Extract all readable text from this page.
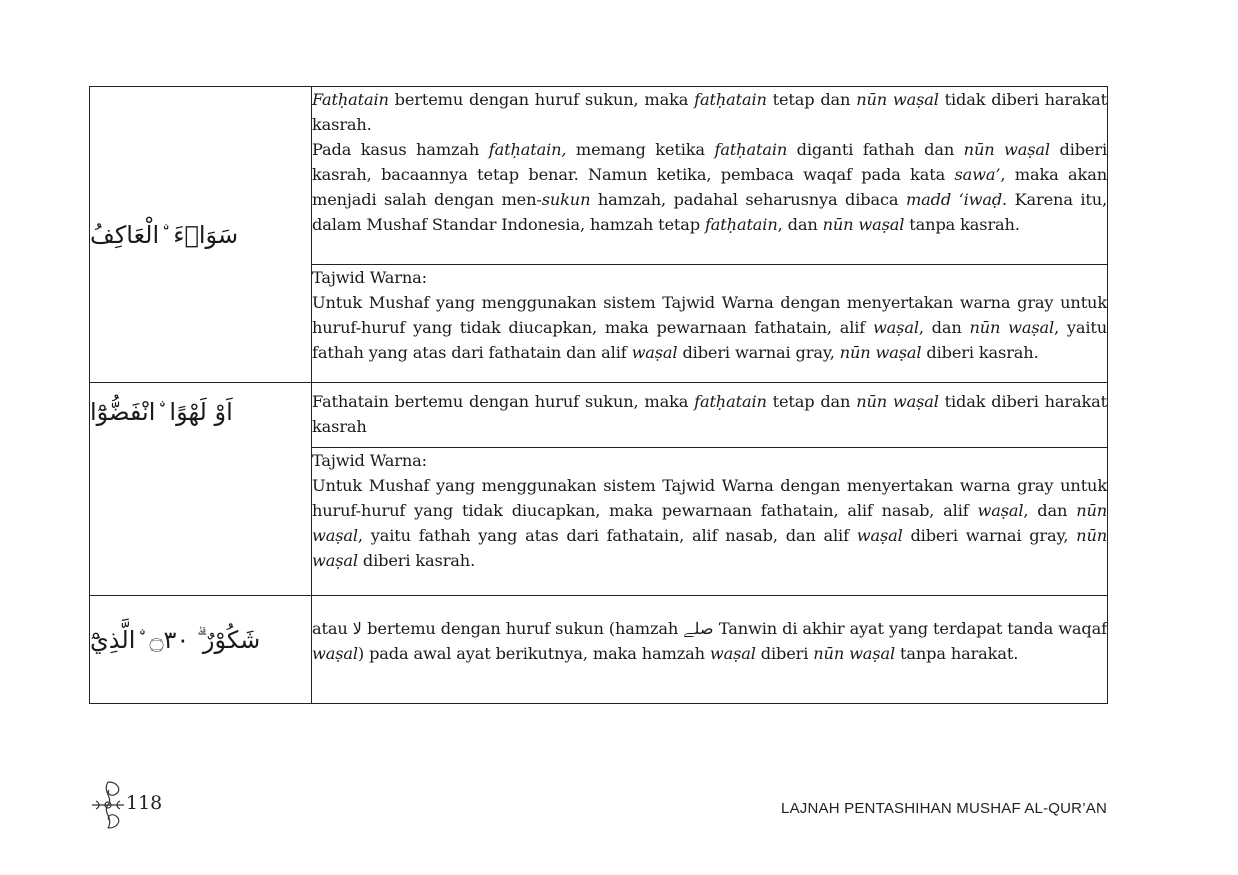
سَوَاۤءَ ۨالْعَاكِفُ	Fatḥatain bertemu dengan huruf sukun, maka fatḥatain tetap dan nūn waṣal tidak diberi harakat kasrah.

Pada kasus hamzah fatḥatain, memang ketika fatḥatain diganti fathah dan nūn waṣal diberi kasrah, bacaannya tetap benar. Namun ketika, pembaca waqaf pada kata sawa’, maka akan menjadi salah dengan men-sukun hamzah, padahal seharusnya dibaca madd ‘iwaḍ. Karena itu, dalam Mushaf Standar Indonesia, hamzah tetap fatḥatain, dan nūn waṣal tanpa kasrah.

	Tajwid Warna:

Untuk Mushaf yang menggunakan sistem Tajwid Warna dengan menyertakan warna gray untuk huruf-huruf yang tidak diucapkan, maka pewarnaan fathatain, alif waṣal, dan nūn waṣal, yaitu fathah yang atas dari fathatain dan alif waṣal diberi warnai gray, nūn waṣal diberi kasrah.

اَوْ لَهْوًا ۨانْفَضُّوْٓا	Fathatain bertemu dengan huruf sukun, maka fatḥatain tetap dan nūn waṣal tidak diberi harakat kasrah

	Tajwid Warna:

Untuk Mushaf yang menggunakan sistem Tajwid Warna dengan menyertakan warna gray untuk huruf-huruf yang tidak diucapkan, maka pewarnaan fathatain, alif nasab, alif waṣal, dan nūn waṣal, yaitu fathah yang atas dari fathatain, alif nasab, dan alif waṣal diberi warnai gray, nūn waṣal diberi kasrah.

شَكُوْرٌ ۗ ۝٣٠ ۨالَّذِيْٓ	atau ﻻ bertemu dengan huruf sukun (hamzah ﺻﻠﮯ Tanwin di akhir ayat yang terdapat tanda waqaf waṣal) pada awal ayat berikutnya, maka hamzah waṣal diberi nūn waṣal tanpa harakat.

118	LAJNAH PENTASHIHAN MUSHAF AL-QUR’AN
